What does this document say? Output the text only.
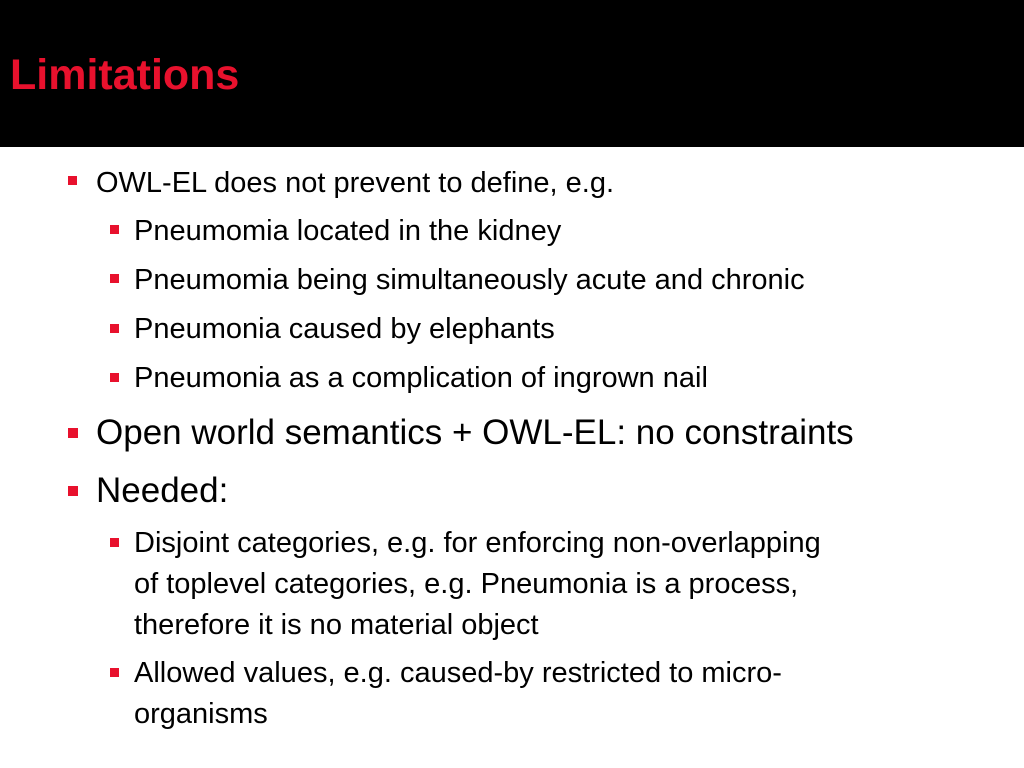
Limitations
OWL-EL does not prevent to define, e.g.
Pneumomia located in the kidney
Pneumomia being simultaneously acute and chronic
Pneumonia caused by elephants
Pneumonia as a complication of ingrown nail
Open world semantics + OWL-EL: no constraints
Needed:
Disjoint categories, e.g. for enforcing non-overlapping
of toplevel categories, e.g. Pneumonia is a process,
therefore it is no material object
Allowed values, e.g. caused-by restricted to micro-
organisms
